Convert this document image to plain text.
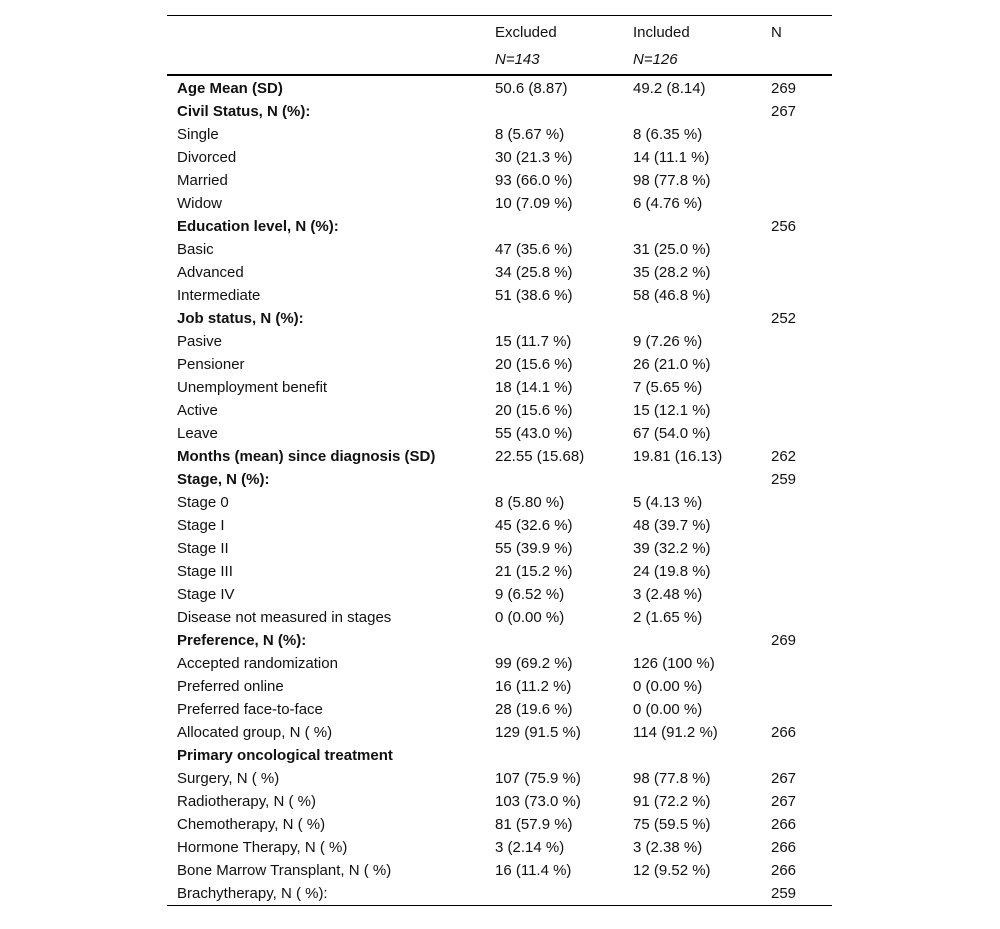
	Excluded	Included	N
	N=143	N=126	
Age Mean (SD)	50.6 (8.87)	49.2 (8.14)	269
Civil Status, N (%):			267
Single	8 (5.67 %)	8 (6.35 %)	
Divorced	30 (21.3 %)	14 (11.1 %)	
Married	93 (66.0 %)	98 (77.8 %)	
Widow	10 (7.09 %)	6 (4.76 %)	
Education level, N (%):			256
Basic	47 (35.6 %)	31 (25.0 %)	
Advanced	34 (25.8 %)	35 (28.2 %)	
Intermediate	51 (38.6 %)	58 (46.8 %)	
Job status, N (%):			252
Pasive	15 (11.7 %)	9 (7.26 %)	
Pensioner	20 (15.6 %)	26 (21.0 %)	
Unemployment benefit	18 (14.1 %)	7 (5.65 %)	
Active	20 (15.6 %)	15 (12.1 %)	
Leave	55 (43.0 %)	67 (54.0 %)	
Months (mean) since diagnosis (SD)	22.55 (15.68)	19.81 (16.13)	262
Stage, N (%):			259
Stage 0	8 (5.80 %)	5 (4.13 %)	
Stage I	45 (32.6 %)	48 (39.7 %)	
Stage II	55 (39.9 %)	39 (32.2 %)	
Stage III	21 (15.2 %)	24 (19.8 %)	
Stage IV	9 (6.52 %)	3 (2.48 %)	
Disease not measured in stages	0 (0.00 %)	2 (1.65 %)	
Preference, N (%):			269
Accepted randomization	99 (69.2 %)	126 (100 %)	
Preferred online	16 (11.2 %)	0 (0.00 %)	
Preferred face-to-face	28 (19.6 %)	0 (0.00 %)	
Allocated group, N ( %)	129 (91.5 %)	114 (91.2 %)	266
Primary oncological treatment			
Surgery, N ( %)	107 (75.9 %)	98 (77.8 %)	267
Radiotherapy, N ( %)	103 (73.0 %)	91 (72.2 %)	267
Chemotherapy, N ( %)	81 (57.9 %)	75 (59.5 %)	266
Hormone Therapy, N ( %)	3 (2.14 %)	3 (2.38 %)	266
Bone Marrow Transplant, N ( %)	16 (11.4 %)	12 (9.52 %)	266
Brachytherapy, N ( %):			259
